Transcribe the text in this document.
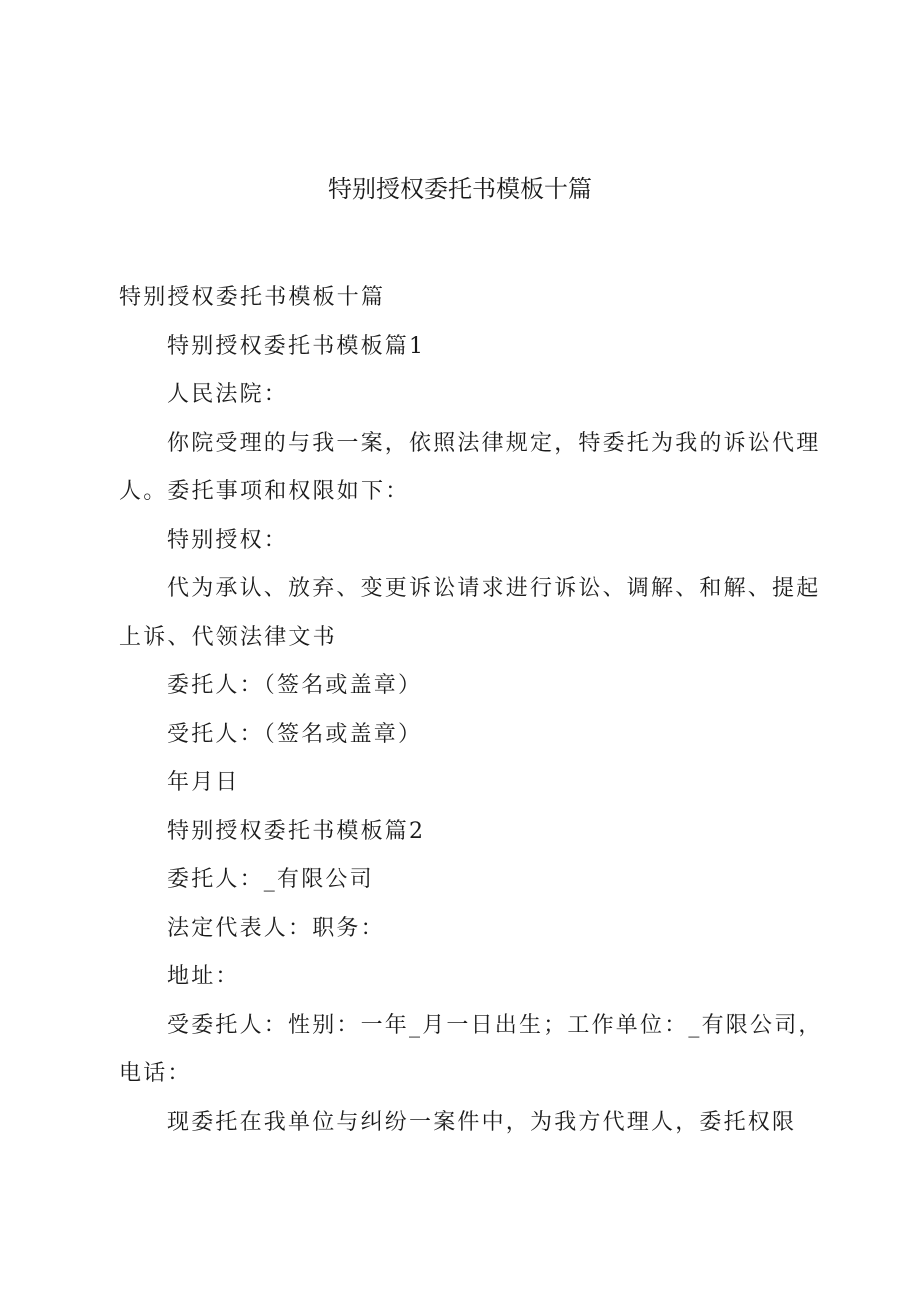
特别授权委托书模板十篇

特别授权委托书模板十篇

特别授权委托书模板篇1

人民法院：

你院受理的与我一案，依照法律规定，特委托为我的诉讼代理人。委托事项和权限如下：

特别授权：

代为承认、放弃、变更诉讼请求进行诉讼、调解、和解、提起上诉、代领法律文书

委托人：（签名或盖章）

受托人：（签名或盖章）

年月日

特别授权委托书模板篇2

委托人：_有限公司

法定代表人：职务：

地址：

受委托人：性别：一年_月一日出生；工作单位：_有限公司，电话：

现委托在我单位与纠纷一案件中，为我方代理人，委托权限
